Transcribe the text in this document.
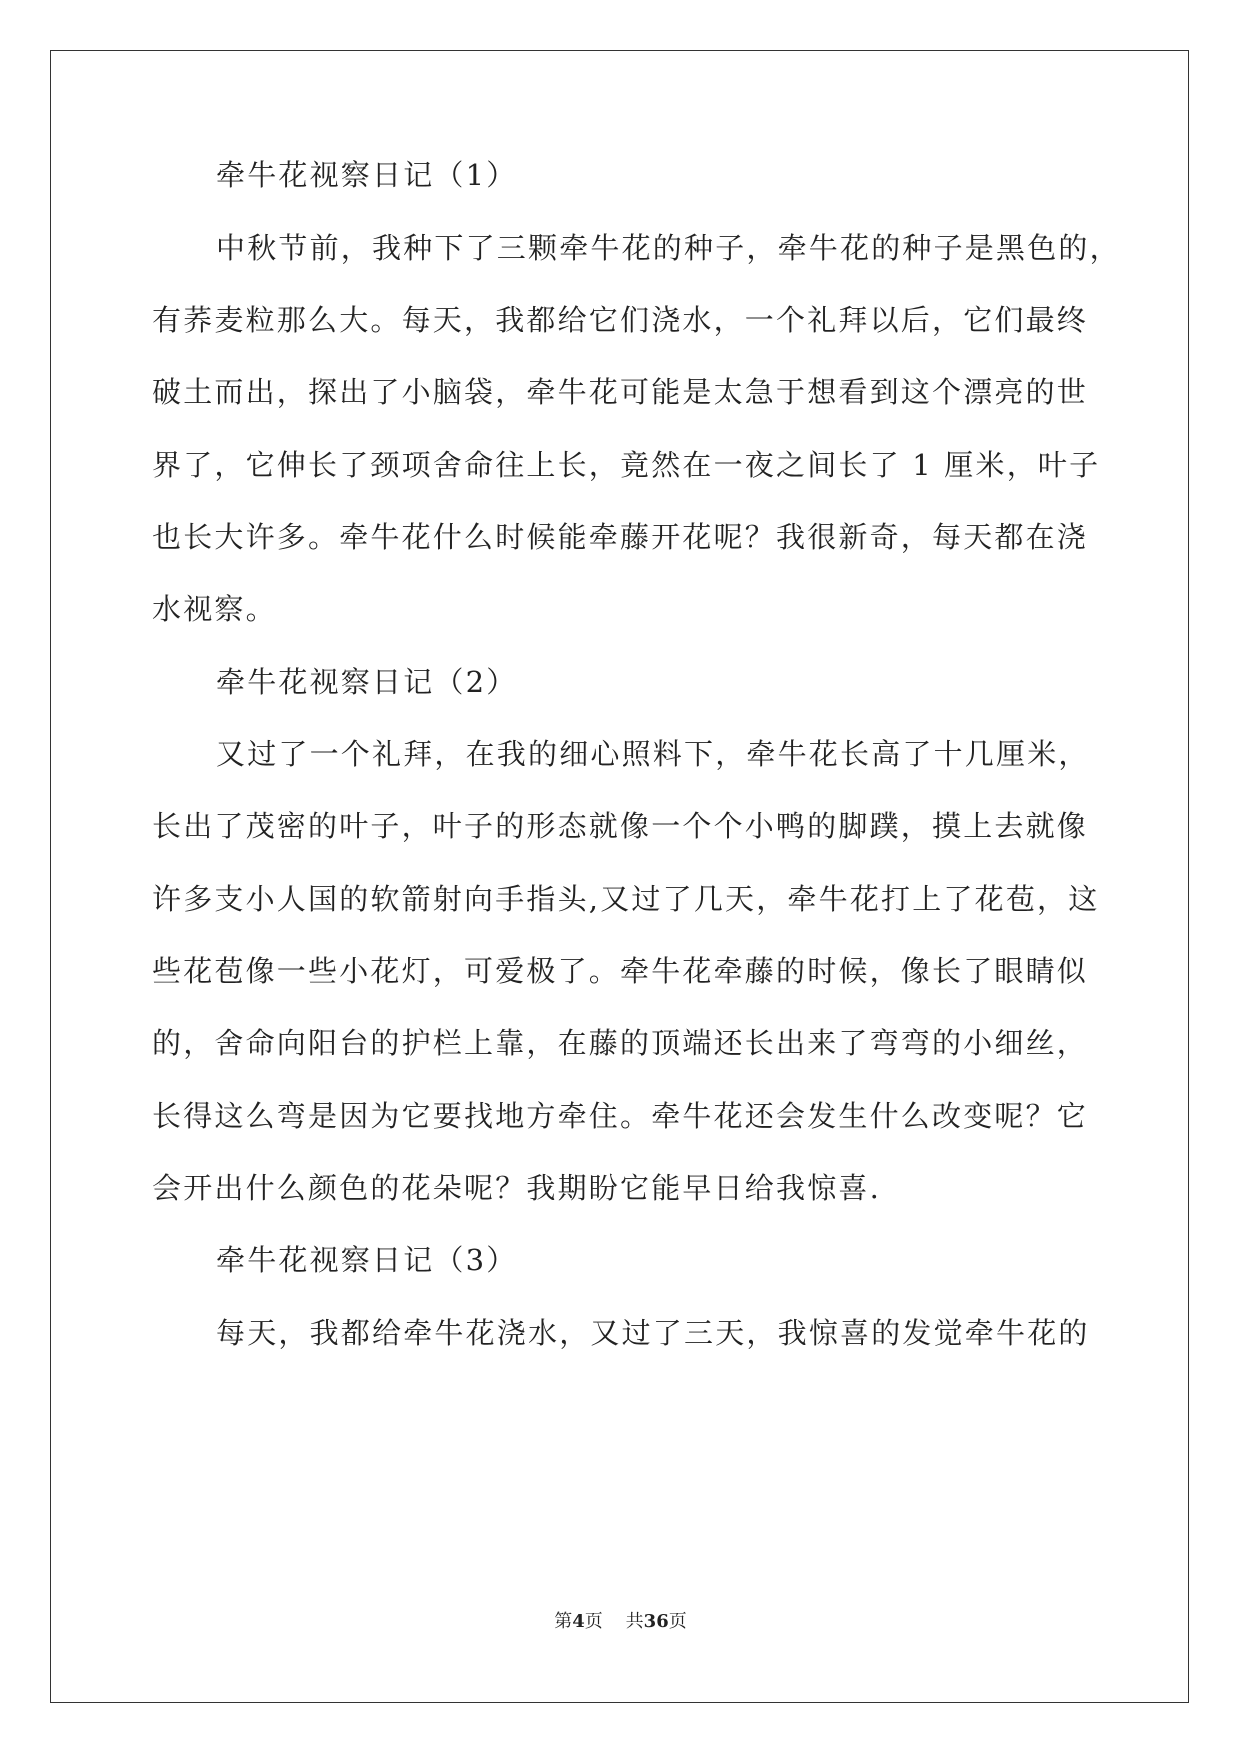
牵牛花视察日记（1）
中秋节前，我种下了三颗牵牛花的种子，牵牛花的种子是黑色的，
有荞麦粒那么大。每天，我都给它们浇水，一个礼拜以后，它们最终
破土而出，探出了小脑袋，牵牛花可能是太急于想看到这个漂亮的世
界了，它伸长了颈项舍命往上长，竟然在一夜之间长了 1 厘米，叶子
也长大许多。牵牛花什么时候能牵藤开花呢？我很新奇，每天都在浇
水视察。
牵牛花视察日记（2）
又过了一个礼拜，在我的细心照料下，牵牛花长高了十几厘米，
长出了茂密的叶子，叶子的形态就像一个个小鸭的脚蹼，摸上去就像
许多支小人国的软箭射向手指头,又过了几天，牵牛花打上了花苞，这
些花苞像一些小花灯，可爱极了。牵牛花牵藤的时候，像长了眼睛似
的，舍命向阳台的护栏上靠，在藤的顶端还长出来了弯弯的小细丝，
长得这么弯是因为它要找地方牵住。牵牛花还会发生什么改变呢？它
会开出什么颜色的花朵呢？我期盼它能早日给我惊喜.
牵牛花视察日记（3）
每天，我都给牵牛花浇水，又过了三天，我惊喜的发觉牵牛花的
第4页 共36页
